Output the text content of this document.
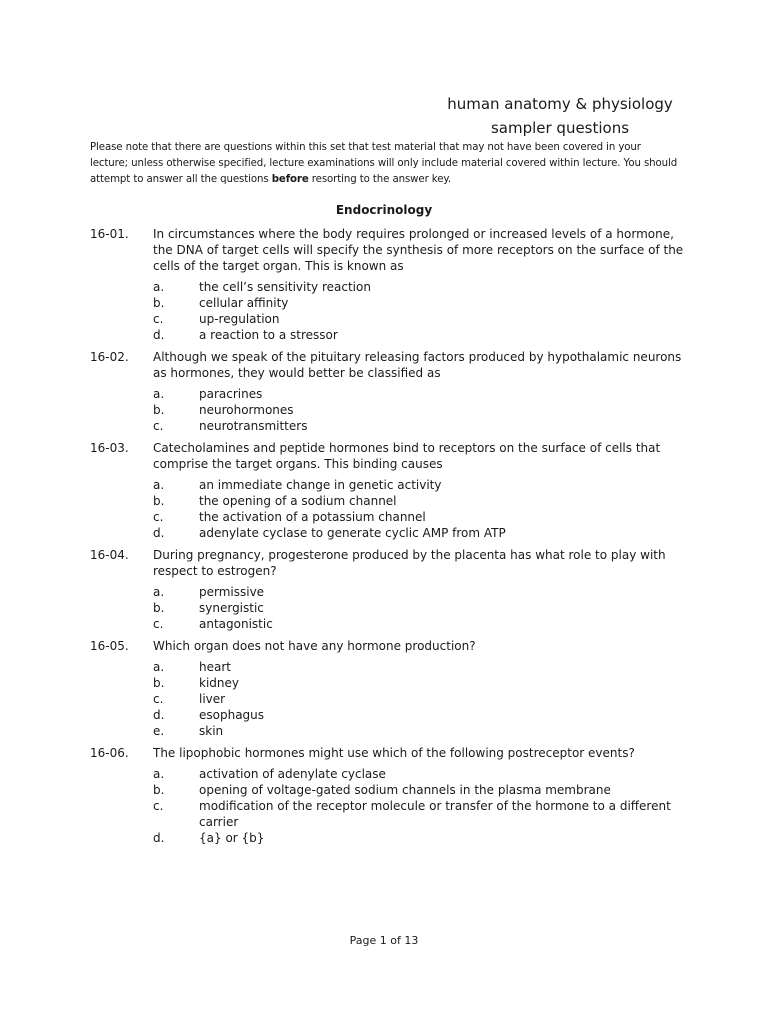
human anatomy & physiology
sampler questions
Please note that there are questions within this set that test material that may not have been covered in your lecture; unless otherwise specified, lecture examinations will only include material covered within lecture. You should attempt to answer all the questions before resorting to the answer key.
Endocrinology
16-01.	In circumstances where the body requires prolonged or increased levels of a hormone, the DNA of target cells will specify the synthesis of more receptors on the surface of the cells of the target organ. This is known as
a.	the cell’s sensitivity reaction
b.	cellular affinity
c.	up-regulation
d.	a reaction to a stressor
16-02.	Although we speak of the pituitary releasing factors produced by hypothalamic neurons as hormones, they would better be classified as
a.	paracrines
b.	neurohormones
c.	neurotransmitters
16-03.	Catecholamines and peptide hormones bind to receptors on the surface of cells that comprise the target organs. This binding causes
a.	an immediate change in genetic activity
b.	the opening of a sodium channel
c.	the activation of a potassium channel
d.	adenylate cyclase to generate cyclic AMP from ATP
16-04.	During pregnancy, progesterone produced by the placenta has what role to play with respect to estrogen?
a.	permissive
b.	synergistic
c.	antagonistic
16-05.	Which organ does not have any hormone production?
a.	heart
b.	kidney
c.	liver
d.	esophagus
e.	skin
16-06.	The lipophobic hormones might use which of the following postreceptor events?
a.	activation of adenylate cyclase
b.	opening of voltage-gated sodium channels in the plasma membrane
c.	modification of the receptor molecule or transfer of the hormone to a different carrier
d.	{a} or {b}
Page 1 of 13
